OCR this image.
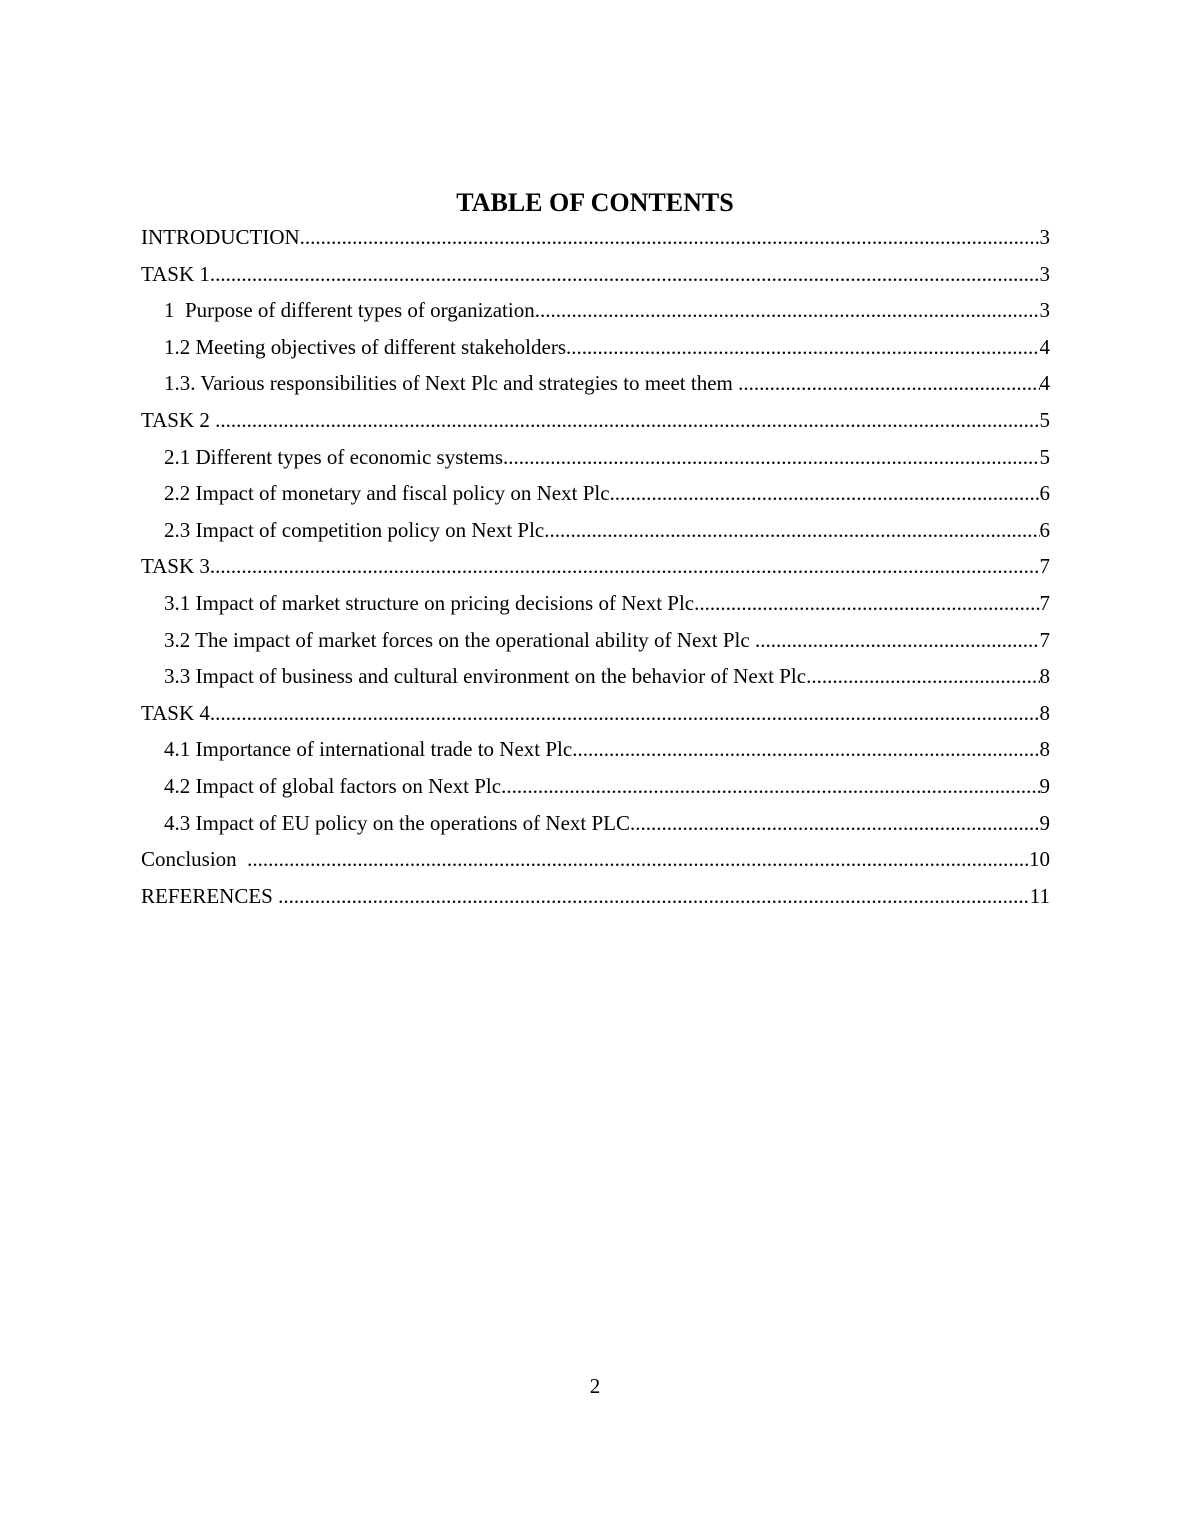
TABLE OF CONTENTS
INTRODUCTION .....	3
TASK 1 .....	3
1  Purpose of different types of organization .....	3
1.2 Meeting objectives of different stakeholders .....	4
1.3. Various responsibilities of Next Plc and strategies to meet them .....	4
TASK 2 .....	5
2.1 Different types of economic systems .....	5
2.2 Impact of monetary and fiscal policy on Next Plc .....	6
2.3 Impact of competition policy on Next Plc .....	6
TASK 3 .....	7
3.1 Impact of market structure on pricing decisions of Next Plc .....	7
3.2 The impact of market forces on the operational ability of Next Plc .....	7
3.3 Impact of business and cultural environment on the behavior of Next Plc .....	8
TASK 4 .....	8
4.1 Importance of international trade to Next Plc .....	8
4.2 Impact of global factors on Next Plc .....	9
4.3 Impact of EU policy on the operations of Next PLC .....	9
Conclusion .....	10
REFERENCES .....	11
2
